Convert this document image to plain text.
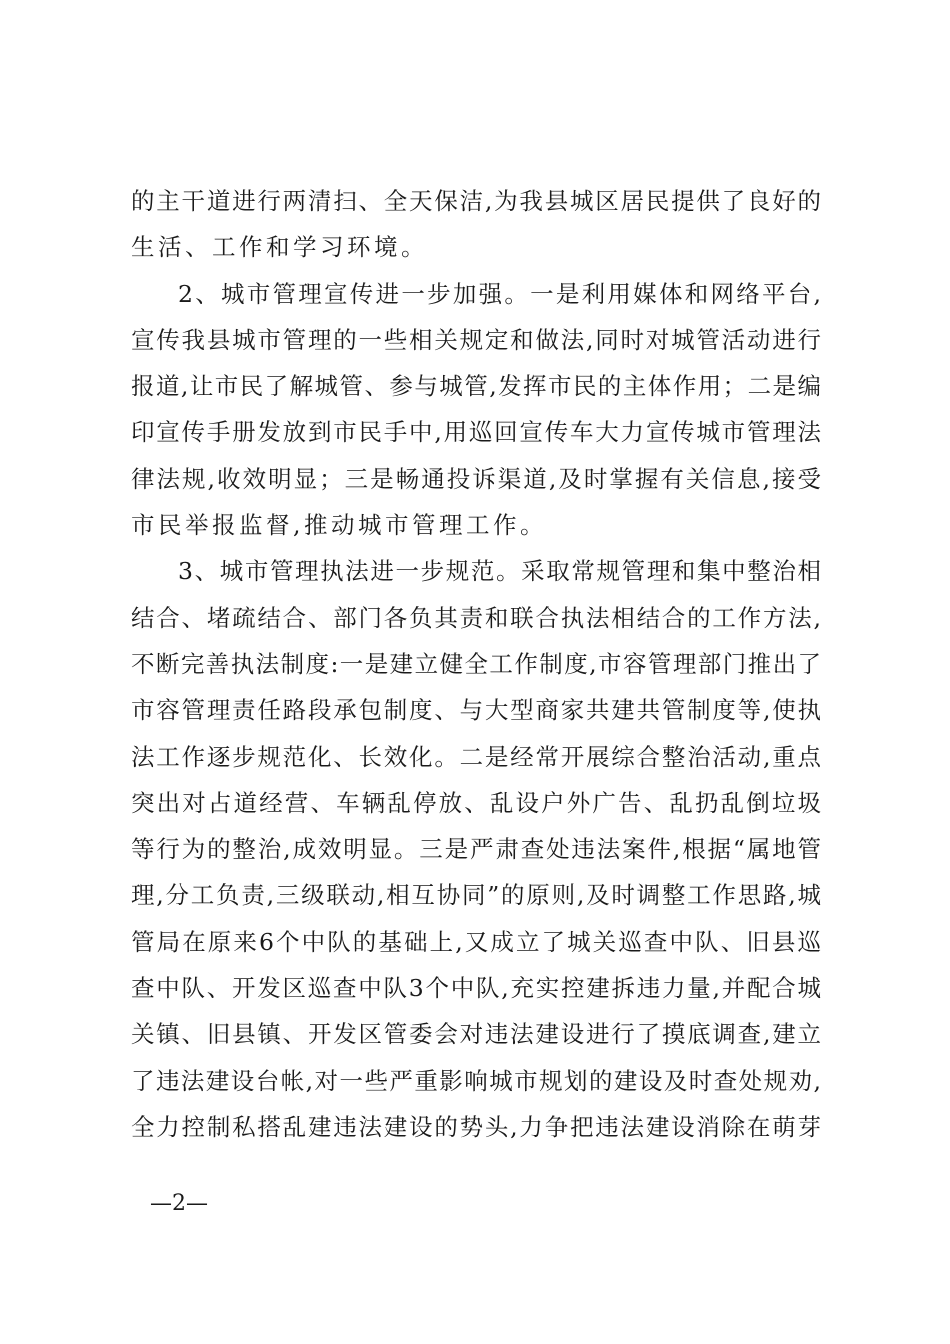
的主干道进行两清扫、全天保洁,为我县城区居民提供了良好的
生活、工作和学习环境。
2、城市管理宣传进一步加强。一是利用媒体和网络平台,
宣传我县城市管理的一些相关规定和做法,同时对城管活动进行
报道,让市民了解城管、参与城管,发挥市民的主体作用；二是编
印宣传手册发放到市民手中,用巡回宣传车大力宣传城市管理法
律法规,收效明显；三是畅通投诉渠道,及时掌握有关信息,接受
市民举报监督,推动城市管理工作。
3、城市管理执法进一步规范。采取常规管理和集中整治相
结合、堵疏结合、部门各负其责和联合执法相结合的工作方法,
不断完善执法制度:一是建立健全工作制度,市容管理部门推出了
市容管理责任路段承包制度、与大型商家共建共管制度等,使执
法工作逐步规范化、长效化。二是经常开展综合整治活动,重点
突出对占道经营、车辆乱停放、乱设户外广告、乱扔乱倒垃圾
等行为的整治,成效明显。三是严肃查处违法案件,根据“属地管
理,分工负责,三级联动,相互协同”的原则,及时调整工作思路,城
管局在原来6个中队的基础上,又成立了城关巡查中队、旧县巡
查中队、开发区巡查中队3个中队,充实控建拆违力量,并配合城
关镇、旧县镇、开发区管委会对违法建设进行了摸底调查,建立
了违法建设台帐,对一些严重影响城市规划的建设及时查处规劝,
全力控制私搭乱建违法建设的势头,力争把违法建设消除在萌芽
—2—
